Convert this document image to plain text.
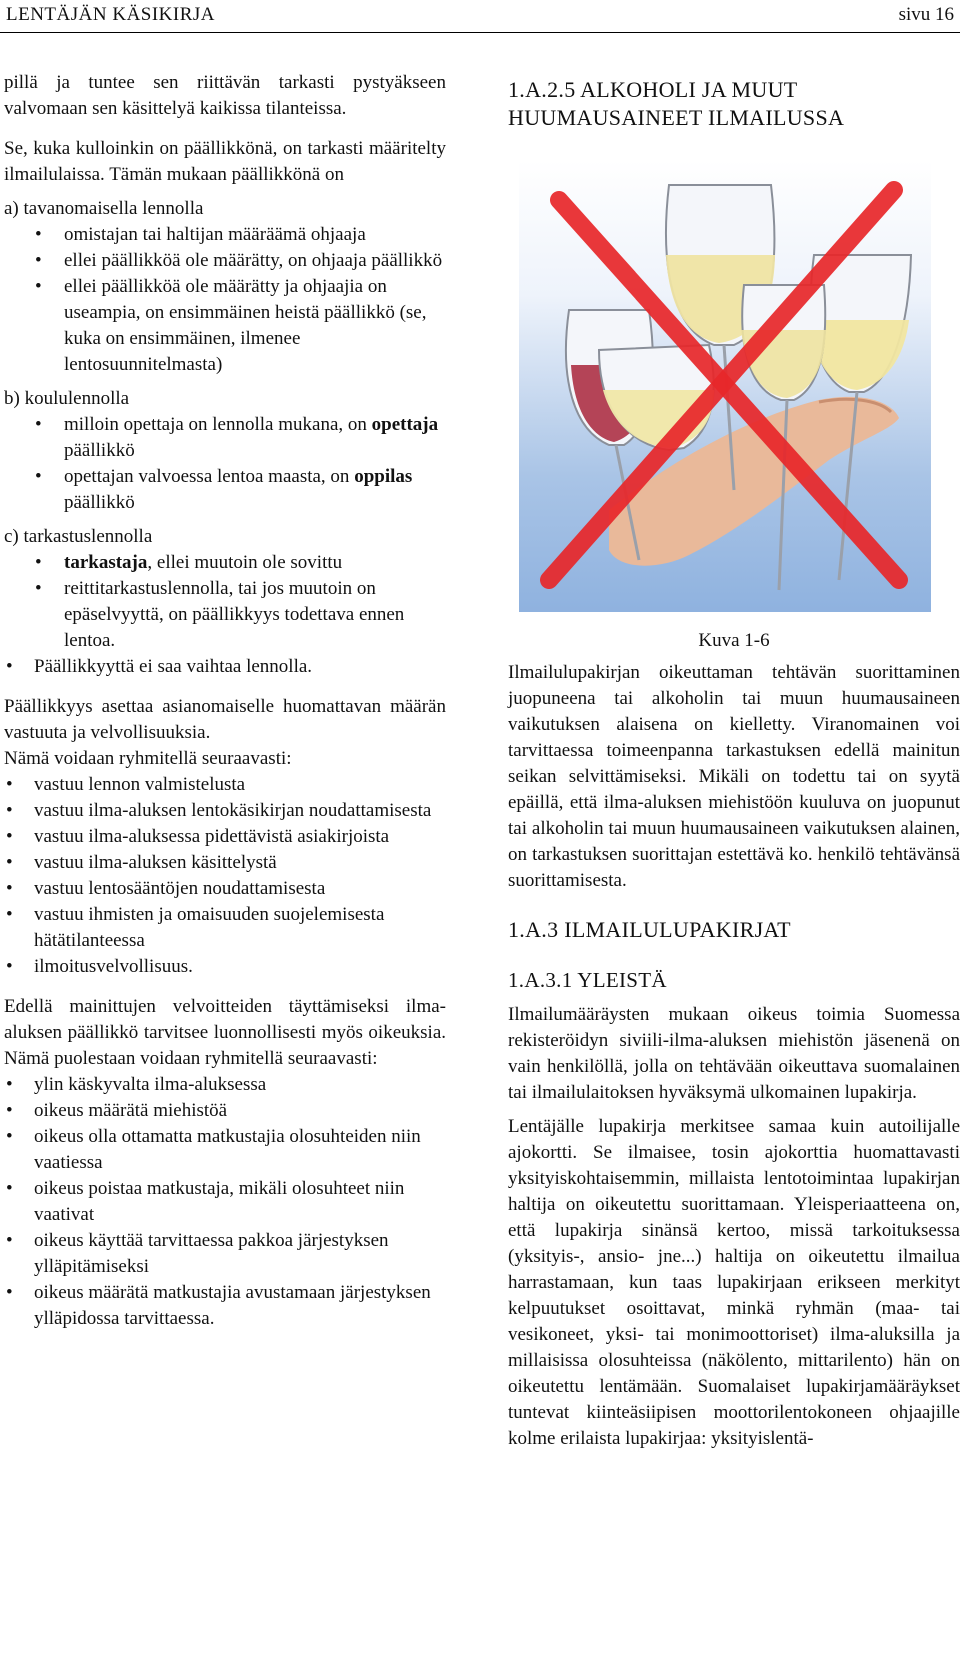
LENTÄJÄN KÄSIKIRJA	sivu 16

pillä ja tuntee sen riittävän tarkasti pystyäkseen valvomaan sen käsittelyä kaikissa tilanteissa.

Se, kuka kulloinkin on päällikkönä, on tarkasti määritelty ilmailulaissa. Tämän mukaan päällikkönä on

a) tavanomaisella lennolla
• omistajan tai haltijan määräämä ohjaaja
• ellei päällikköä ole määrätty, on ohjaaja päällikkö
• ellei päällikköä ole määrätty ja ohjaajia on useampia, on ensimmäinen heistä päällikkö (se, kuka on ensimmäinen, ilmenee lentosuunnitelmasta)
b) koululennolla
• milloin opettaja on lennolla mukana, on opettaja päällikkö
• opettajan valvoessa lentoa maasta, on oppilas päällikkö
c) tarkastuslennolla
• tarkastaja, ellei muutoin ole sovittu
• reittitarkastuslennolla, tai jos muutoin on epäselvyyttä, on päällikkyys todettava ennen lentoa.
• Päällikkyyttä ei saa vaihtaa lennolla.

Päällikkyys asettaa asianomaiselle huomattavan määrän vastuuta ja velvollisuuksia.

Nämä voidaan ryhmitellä seuraavasti:
• vastuu lennon valmistelusta
• vastuu ilma-aluksen lentokäsikirjan noudattamisesta
• vastuu ilma-aluksessa pidettävistä asiakirjoista
• vastuu ilma-aluksen käsittelystä
• vastuu lentosääntöjen noudattamisesta
• vastuu ihmisten ja omaisuuden suojelemisesta hätätilanteessa
• ilmoitusvelvollisuus.

Edellä mainittujen velvoitteiden täyttämiseksi ilma-aluksen päällikkö tarvitsee luonnollisesti myös oikeuksia. Nämä puolestaan voidaan ryhmitellä seuraavasti:

• ylin käskyvalta ilma-aluksessa
• oikeus määrätä miehistöä
• oikeus olla ottamatta matkustajia olosuhteiden niin vaatiessa
• oikeus poistaa matkustaja, mikäli olosuhteet niin vaativat
• oikeus käyttää tarvittaessa pakkoa järjestyksen ylläpitämiseksi
• oikeus määrätä matkustajia avustamaan järjestyksen ylläpidossa tarvittaessa.
1.A.2.5 ALKOHOLI JA MUUT HUUMAUSAINEET ILMAILUSSA
Kuva 1-6

Ilmailulupakirjan oikeuttaman tehtävän suorittaminen juopuneena tai alkoholin tai muun huumausaineen vaikutuksen alaisena on kielletty. Viranomainen voi tarvittaessa toimeenpanna tarkastuksen edellä mainitun seikan selvittämiseksi. Mikäli on todettu tai on syytä epäillä, että ilma-aluksen miehistöön kuuluva on juopunut tai alkoholin tai muun huumausaineen vaikutuksen alainen, on tarkastuksen suorittajan estettävä ko. henkilö tehtävänsä suorittamisesta.

1.A.3 ILMAILULUPAKIRJAT
1.A.3.1 YLEISTÄ

Ilmailumääräysten mukaan oikeus toimia Suomessa rekisteröidyn siviili-ilma-aluksen miehistön jäsenenä on vain henkilöllä, jolla on tehtävään oikeuttava suomalainen tai ilmailulaitoksen hyväksymä ulkomainen lupakirja.

Lentäjälle lupakirja merkitsee samaa kuin autoilijalle ajokortti. Se ilmaisee, tosin ajokorttia huomattavasti yksityiskohtaisemmin, millaista lentotoimintaa lupakirjan haltija on oikeutettu suorittamaan. Yleisperiaatteena on, että lupakirja sinänsä kertoo, missä tarkoituksessa (yksityis-, ansio- jne...) haltija on oikeutettu ilmailua harrastamaan, kun taas lupakirjaan erikseen merkityt kelpuutukset osoittavat, minkä ryhmän (maa- tai vesikoneet, yksi- tai monimoottoriset) ilma-aluksilla ja millaisissa olosuhteissa (näkölento, mittarilento) hän on oikeutettu lentämään. Suomalaiset lupakirjamääräykset tuntevat kiinteäsiipisen moottorilentokoneen ohjaajille kolme erilaista lupakirjaa: yksityislentä-
